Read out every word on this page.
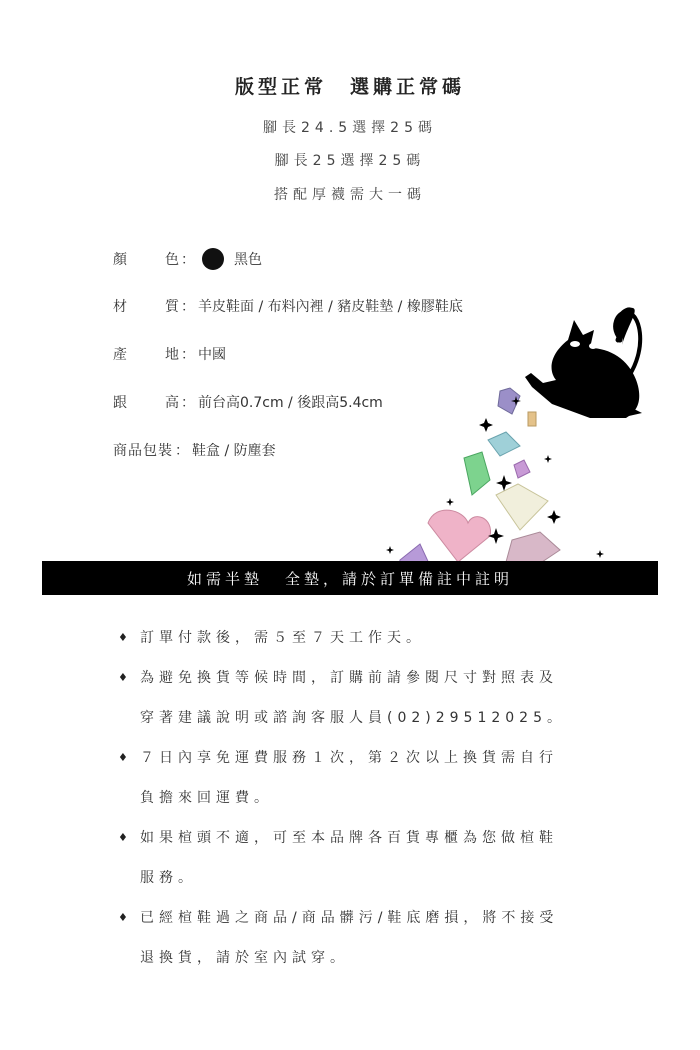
版型正常　選購正常碼
腳長24.5選擇25碼
腳長25選擇25碼
搭配厚襪需大一碼
顏	色 ：	黑色
材	質 ： 羊皮鞋面 / 布料內裡 / 豬皮鞋墊 / 橡膠鞋底
產	地 ： 中國
跟	高 ： 前台高0.7cm / 後跟高5.4cm
商品包裝 ： 鞋盒 / 防塵套
如需半墊 全墊，請於訂單備註中註明
♦ 訂單付款後，需５至７天工作天。
♦ 為避免換貨等候時間，訂購前請參閱尺寸對照表及
穿著建議說明或諮詢客服人員(02)29512025。
♦ ７日內享免運費服務１次，第２次以上換貨需自行
負擔來回運費。
♦ 如果楦頭不適，可至本品牌各百貨專櫃為您做楦鞋
服務。
♦ 已經楦鞋過之商品/商品髒污/鞋底磨損，將不接受
退換貨，請於室內試穿。
